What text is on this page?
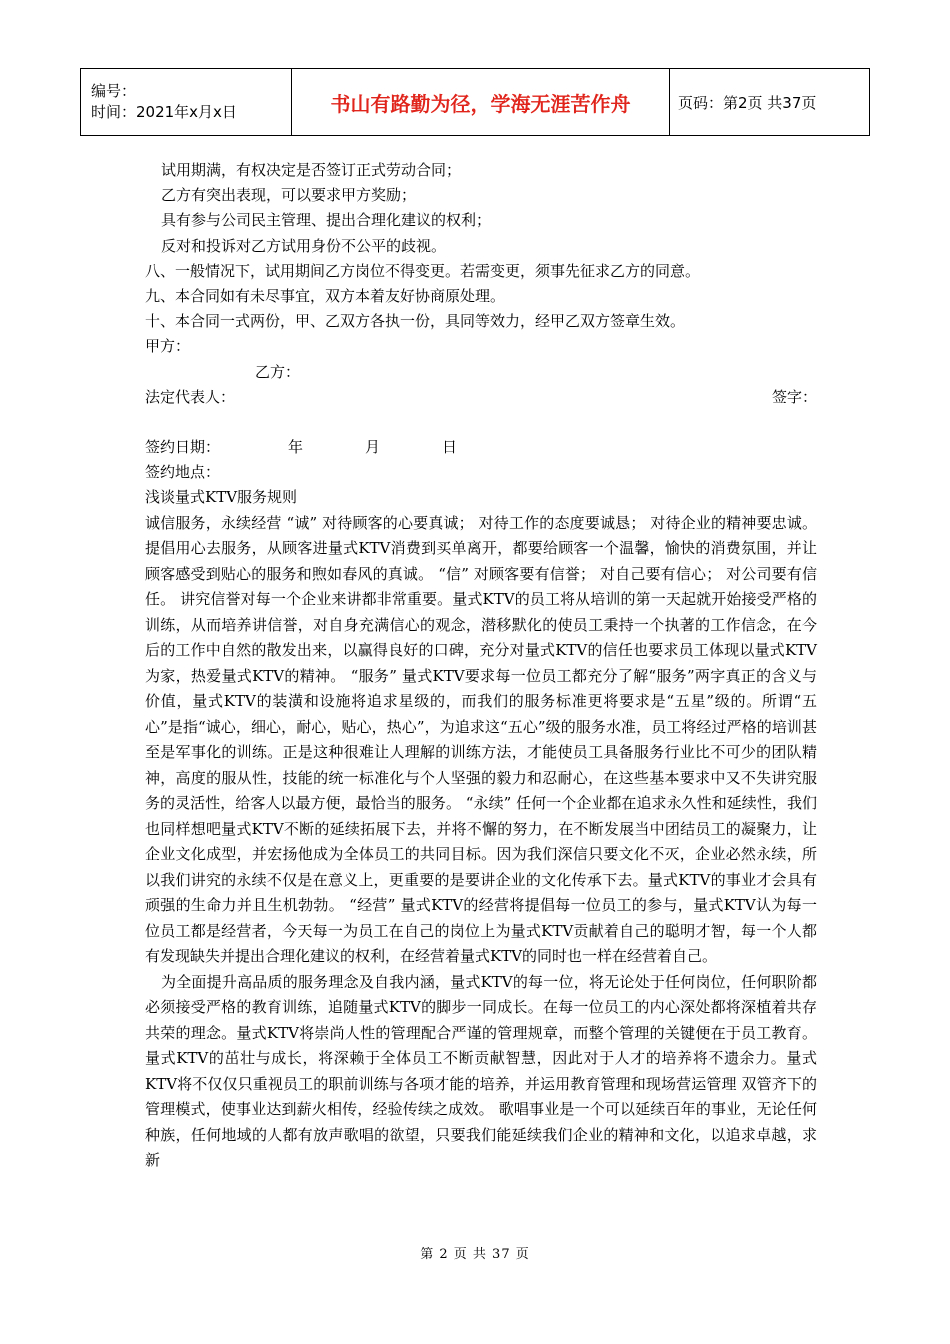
编号：
时间：2021年x月x日	书山有路勤为径，学海无涯苦作舟	页码：第2页 共37页
试用期满，有权决定是否签订正式劳动合同；
乙方有突出表现，可以要求甲方奖励；
具有参与公司民主管理、提出合理化建议的权利；
反对和投诉对乙方试用身份不公平的歧视。
八、一般情况下，试用期间乙方岗位不得变更。若需变更，须事先征求乙方的同意。
九、本合同如有未尽事宜，双方本着友好协商原处理。
十、本合同一式两份，甲、乙双方各执一份，具同等效力，经甲乙双方签章生效。
甲方：
乙方：
法定代表人：	签字：
签约日期：	年	月	日
签约地点：
浅谈量式KTV服务规则
诚信服务，永续经营 “诚” 对待顾客的心要真诚； 对待工作的态度要诚恳； 对待企业的精神要忠诚。 提倡用心去服务，从顾客进量式KTV消费到买单离开，都要给顾客一个温馨，愉快的消费氛围，并让顾客感受到贴心的服务和煦如春风的真诚。 “信” 对顾客要有信誉； 对自己要有信心； 对公司要有信任。 讲究信誉对每一个企业来讲都非常重要。量式KTV的员工将从培训的第一天起就开始接受严格的训练，从而培养讲信誉，对自身充满信心的观念，潜移默化的使员工秉持一个执著的工作信念，在今后的工作中自然的散发出来，以赢得良好的口碑，充分对量式KTV的信任也要求员工体现以量式KTV为家，热爱量式KTV的精神。 “服务” 量式KTV要求每一位员工都充分了解“服务”两字真正的含义与价值，量式KTV的装潢和设施将追求星级的，而我们的服务标准更将要求是“五星”级的。所谓“五心”是指“诚心，细心，耐心，贴心，热心”，为追求这“五心”级的服务水准，员工将经过严格的培训甚至是军事化的训练。正是这种很难让人理解的训练方法，才能使员工具备服务行业比不可少的团队精神，高度的服从性，技能的统一标准化与个人坚强的毅力和忍耐心，在这些基本要求中又不失讲究服务的灵活性，给客人以最方便，最恰当的服务。 “永续” 任何一个企业都在追求永久性和延续性，我们也同样想吧量式KTV不断的延续拓展下去，并将不懈的努力，在不断发展当中团结员工的凝聚力，让企业文化成型，并宏扬他成为全体员工的共同目标。因为我们深信只要文化不灭，企业必然永续，所以我们讲究的永续不仅是在意义上，更重要的是要讲企业的文化传承下去。量式KTV的事业才会具有顽强的生命力并且生机勃勃。 “经营” 量式KTV的经营将提倡每一位员工的参与，量式KTV认为每一位员工都是经营者，今天每一为员工在自己的岗位上为量式KTV贡献着自己的聪明才智，每一个人都有发现缺失并提出合理化建议的权利，在经营着量式KTV的同时也一样在经营着自己。
为全面提升高品质的服务理念及自我内涵，量式KTV的每一位，将无论处于任何岗位，任何职阶都必须接受严格的教育训练，追随量式KTV的脚步一同成长。在每一位员工的内心深处都将深植着共存共荣的理念。量式KTV将崇尚人性的管理配合严谨的管理规章，而整个管理的关键便在于员工教育。 量式KTV的茁壮与成长，将深赖于全体员工不断贡献智慧，因此对于人才的培养将不遗余力。量式KTV将不仅仅只重视员工的职前训练与各项才能的培养，并运用教育管理和现场营运管理 双管齐下的管理模式，使事业达到薪火相传，经验传续之成效。 歌唱事业是一个可以延续百年的事业，无论任何种族，任何地域的人都有放声歌唱的欲望，只要我们能延续我们企业的精神和文化，以追求卓越，求新
第 2 页 共 37 页
